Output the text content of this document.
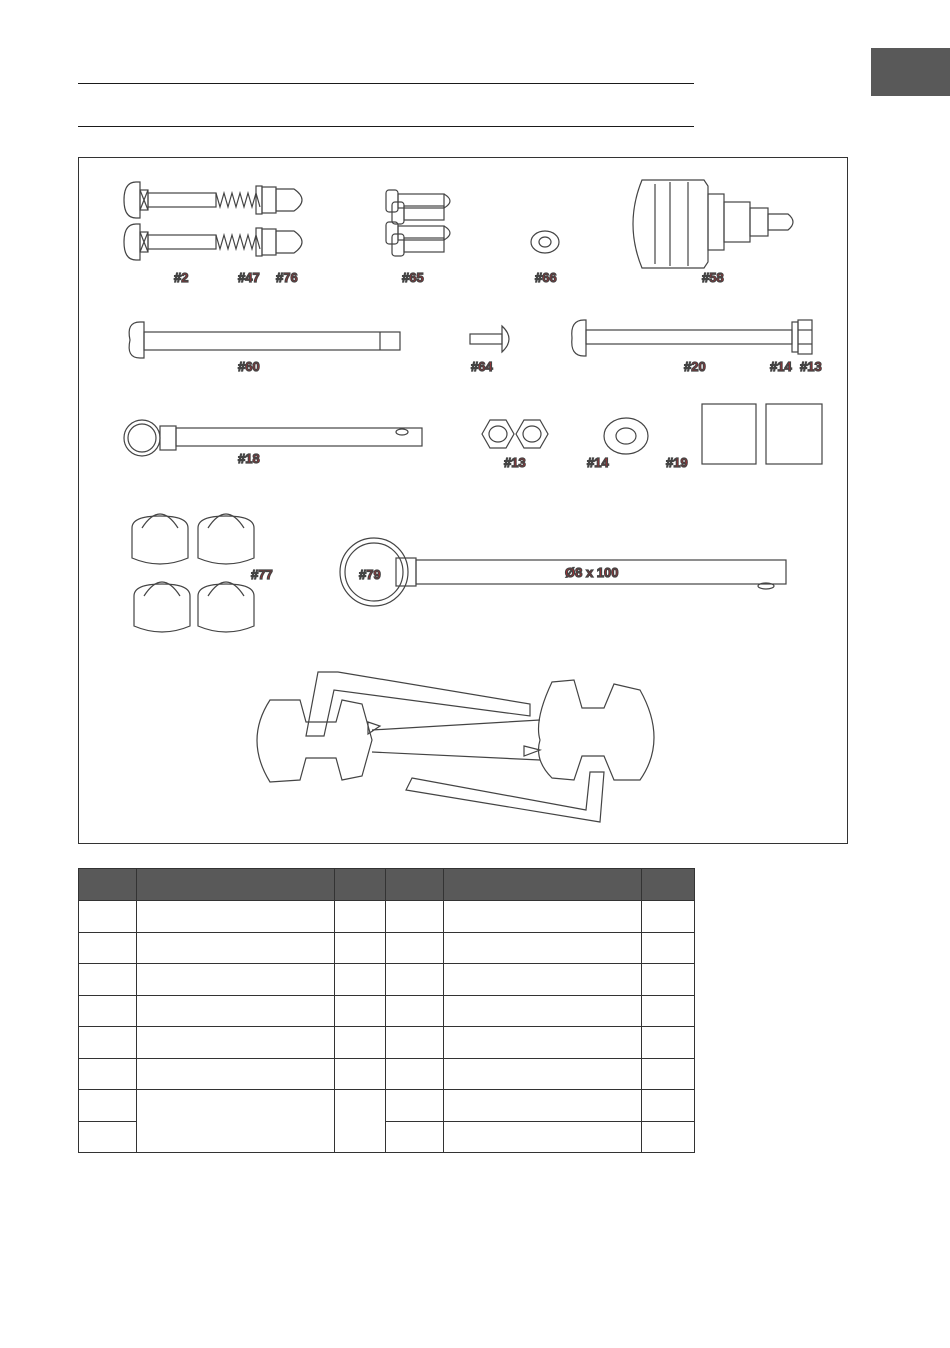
#2	#47 #76	#65	#66	#58
#60	#64	#20	#14 #13
#18	#13	#14	#19
#77	#79	Ø8 x 100
